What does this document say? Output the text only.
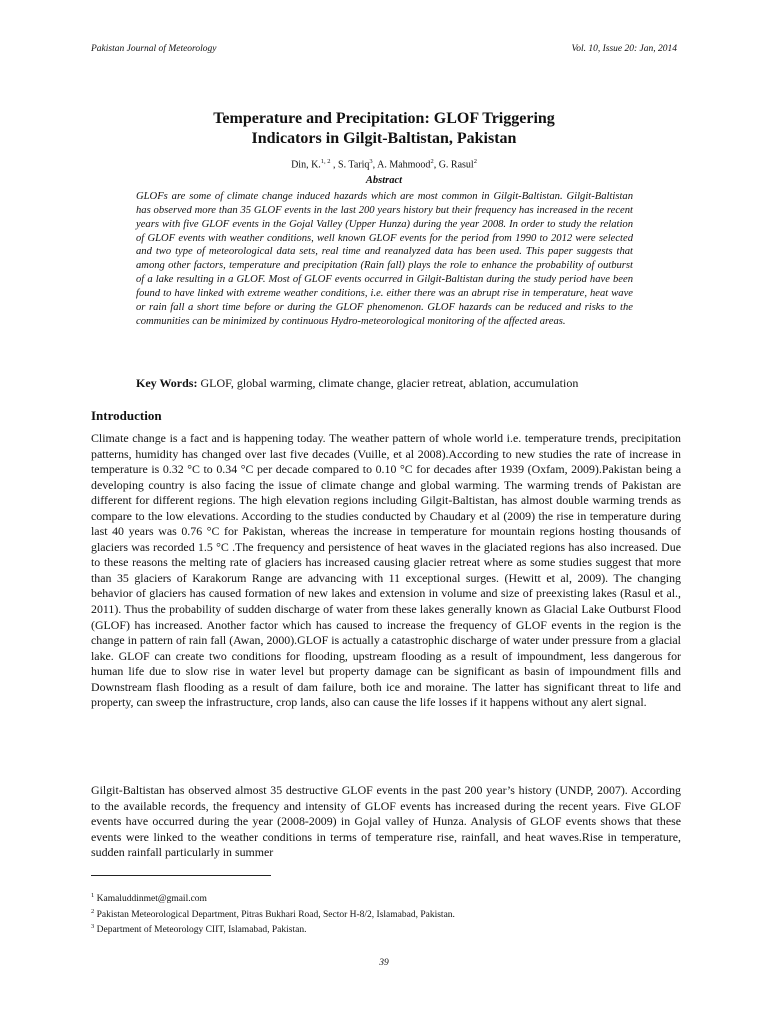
Pakistan Journal of Meteorology	Vol. 10, Issue 20: Jan, 2014
Temperature and Precipitation: GLOF Triggering
Indicators in Gilgit-Baltistan, Pakistan
Din, K.$^{1, 2}$ , S. Tariq$^3$, A. Mahmood$^2$, G. Rasul$^2$
Abstract
GLOFs are some of climate change induced hazards which are most common in Gilgit-Baltistan. Gilgit-Baltistan has observed more than 35 GLOF events in the last 200 years history but their frequency has increased in the recent years with five GLOF events in the Gojal Valley (Upper Hunza) during the year 2008. In order to study the relation of GLOF events with weather conditions, well known GLOF events for the period from 1990 to 2012 were selected and two type of meteorological data sets, real time and reanalyzed data has been used. This paper suggests that among other factors, temperature and precipitation (Rain fall) plays the role to enhance the probability of outburst of a lake resulting in a GLOF. Most of GLOF events occurred in Gilgit-Baltistan during the study period have been found to have linked with extreme weather conditions, i.e. either there was an abrupt rise in temperature, heat wave or rain fall a short time before or during the GLOF phenomenon. GLOF hazards can be reduced and risks to the communities can be minimized by continuous Hydro-meteorological monitoring of the affected areas.
Key Words: GLOF, global warming, climate change, glacier retreat, ablation, accumulation
Introduction

Climate change is a fact and is happening today. The weather pattern of whole world i.e. temperature trends, precipitation patterns, humidity has changed over last five decades (Vuille, et al 2008).According to new studies the rate of increase in temperature is 0.32 °C to 0.34 °C per decade compared to 0.10 °C for decades after 1939 (Oxfam, 2009).Pakistan being a developing country is also facing the issue of climate change and global warming. The warming trends of Pakistan are different for different regions. The high elevation regions including Gilgit-Baltistan, has almost double warming trends as compare to the low elevations. According to the studies conducted by Chaudary et al (2009) the rise in temperature during last 40 years was 0.76 °C for Pakistan, whereas the increase in temperature for mountain regions hosting thousands of glaciers was recorded 1.5 °C .The frequency and persistence of heat waves in the glaciated regions has also increased. Due to these reasons the melting rate of glaciers has increased causing glacier retreat where as some studies suggest that more than 35 glaciers of Karakorum Range are advancing with 11 exceptional surges. (Hewitt et al, 2009). The changing behavior of glaciers has caused formation of new lakes and extension in volume and size of preexisting lakes (Rasul et al., 2011). Thus the probability of sudden discharge of water from these lakes generally known as Glacial Lake Outburst Flood (GLOF) has increased. Another factor which has caused to increase the frequency of GLOF events in the region is the change in pattern of rain fall (Awan, 2000).GLOF is actually a catastrophic discharge of water under pressure from a glacial lake. GLOF can create two conditions for flooding, upstream flooding as a result of impoundment, less dangerous for human life due to slow rise in water level but property damage can be significant as basin of impoundment fills and Downstream flash flooding as a result of dam failure, both ice and moraine. The latter has significant threat to life and property, can sweep the infrastructure, crop lands, also can cause the life losses if it happens without any alert signal.

Gilgit-Baltistan has observed almost 35 destructive GLOF events in the past 200 year’s history (UNDP, 2007). According to the available records, the frequency and intensity of GLOF events has increased during the recent years. Five GLOF events have occurred during the year (2008-2009) in Gojal valley of Hunza. Analysis of GLOF events shows that these events were linked to the weather conditions in terms of temperature rise, rainfall, and heat waves.Rise in temperature, sudden rainfall particularly in summer

$^1$ Kamaluddinmet@gmail.com
$^2$ Pakistan Meteorological Department, Pitras Bukhari Road, Sector H-8/2, Islamabad, Pakistan.
$^3$ Department of Meteorology CIIT, Islamabad, Pakistan.
39
